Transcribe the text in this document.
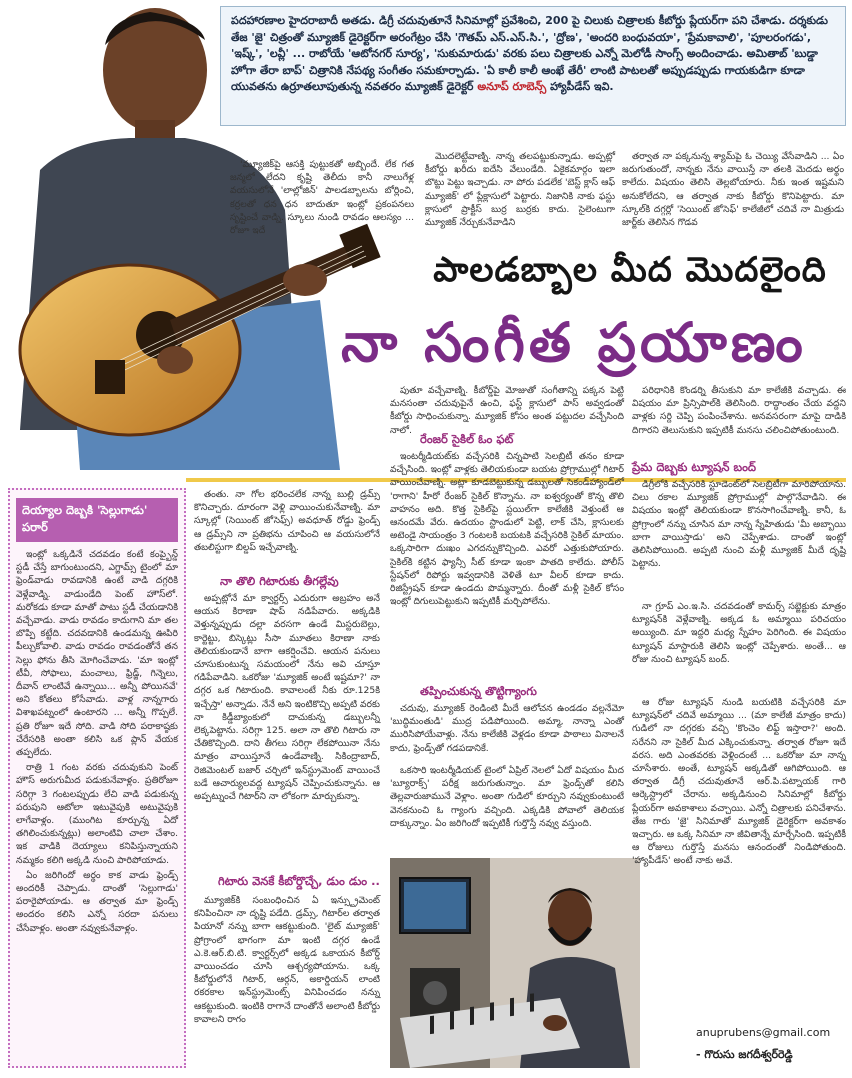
పదహారణాల హైదరాబాదీ అతడు. డిగ్రీ చదువుతూనే సినిమాల్లో ప్రవేశించి, 200 పై చిలుకు చిత్రాలకు కీబోర్డు ప్లేయర్‌గా పని చేశాడు. దర్శకుడు తేజ 'జై' చిత్రంతో మ్యూజిక్ డైరెక్టర్‌గా అరంగేట్రం చేసి 'గౌతమ్ ఎస్.ఎస్.సి.', 'ద్రోణ', 'అందరి బంధువయా', 'ప్రేమకావాలి', 'పూలరంగడు', 'ఇష్క్', 'లవ్లీ' ... రాబోయే 'ఆటోనగర్ సూర్య', 'సుకుమారుడు' వరకు పలు చిత్రాలకు ఎన్నో మెలోడీ సాంగ్స్ అందించాడు. అమితాబ్ 'బుడ్డా హోగా తేరా బాప్' చిత్రానికి నేపథ్య సంగీతం సమకూర్చాడు. 'ఏ కాలీ కాలీ ఆంఖే తేరీ' లాంటి పాటలతో అప్పుడప్పుడు గాయకుడిగా కూడా యువతను ఉర్రూతలూపుతున్న నవతరం మ్యూజిక్ డైరెక్టర్ అనూప్ రూబెన్స్ హ్యాపీడేస్ ఇవి.

'మ్యూజిక్‌పై ఆసక్తి పుట్టుకతో అబ్బిందే. లేక గత జన్మలో లేదని కృష్టి తెలీదు కానీ నాలుగేళ్ల వయసులోనే 'లాల్లోజిన్' పాలడబ్బాలను బోర్లించి, కర్రలతో ధన ధన బాదుతూ ఇంట్లో ప్రకంపనలు సృష్టించే వాడ్ని. స్కూలు నుండి రావడం ఆలస్యం ... రోజూ ఇదే

మొదలెట్టేవాణ్ని. నాన్న తలపట్టుకున్నాడు. అప్పట్లో కీబోర్డు ఖరీదు ఐదేసి వేలుండేది. ఏకైకమార్గం ఇలా బొట్టు పెట్టు ఇచ్చాడు. నా పోరు పడలేక 'బెస్ట్ క్లాస్ ఆఫ్ మ్యూజిక్' లో ప్లేక్లాసులో పెట్టారు. నిజానికి నాకు ఫస్టు క్లాసులో ప్రాక్టీస్ బుర్ర బుర్రకు కాదు. సైలెంటుగా మ్యూజిక్ నేర్చుకునేవాడిని

తర్వాత నా పక్కనున్న శ్యామ్‌పై ఓ చెయ్యి వేసేవాడిని ... ఏం జరుగుతుందో, నాన్నకు నేను వాయిస్తే నా తలకి మెదడు అర్థం కాలేదు. విషయం తెలిసి తెల్లబోయారు. నీకు ఇంత ఇష్టమని అనుకోలేదని, ఆ తర్వాత నాకు కీబోర్డు కొనిపెట్టారు. మా స్కూల్‌కి దగ్గర్లో 'సెయింట్ జోసెఫ్' కాలేజీలో చదివే నా మిత్రుడు జార్జ్‌కు తెలిసిన గొడవ

పాలడబ్బాల మీద మొదలైంది
నా సంగీత ప్రయాణం
దెయ్యాల దెబ్బకి 'సెల్లుగాడు' పరార్

ఇంట్లో ఒక్కడినే చదవడం కంటే కంప్బైన్డ్ స్టడీ చేస్తే బాగుంటుందని, ఎగ్జామ్స్ టైంలో మా ఫ్రెండ్‌వాడు రావడానికి ఉంటే వాడి దగ్గరికి వెళ్లేవాడ్ని. వాడుండేది పెంట్ హౌస్‌లో. మరోకడు కూడా మాతో పాటు స్టడీ చేయడానికి వచ్చేవాడు. వాడు రావడం కాదుగాని మా తల బొప్పి కట్టేది. చదవడానికి ఉండమన్న ఊపిరి పీల్చుకోవాలి. వాడు రావడం రావడంతోనే తన సెల్లు ఫోను తీసి మోగించేవాడు. 'మా ఇంట్లో టీవీ, సోఫాలు, మంచాలు, ఫ్రిడ్జ్, గిన్నెలు, దీవాన్ లాంటివే ఉన్నాయి... అన్నీ పోయినవే' అని కోతలు కోసేవాడు. వాళ్ల నాన్నగారు విశాఖపట్నంలో ఉంటారని ... అన్నీ గొప్పలే. ప్రతి రోజూ ఇదే సోది. వాడి సోది పరాకాష్ఠకు చేరేసరికి అంతా కలిసి ఒక ప్లాన్ వేయక తప్పలేదు.

రాత్రి 1 గంట వరకు చదువుకుని పెంట్ హౌస్ అరుగుమీద పడుకునేవాళ్లం. ప్రతిరోజూ సరిగ్గా 3 గంటలప్పుడు లేచి వాడి పడుకున్న పరుపుని ఆటోలా ఇటువైపుకి అటువైపుకి లాగేవాళ్లం. (ముంగిట కూర్చున్న ఏదో తగిలించుకున్నట్లు) అలాంటివి చాలా చేశాం. ఇక వాడికి దెయ్యాలు కనిపిస్తున్నాయని నమ్మకం కలిగి అక్కడి నుంచి పారిపోయాడు.

ఏం జరిగిందో అర్థం కాక వాడు ఫ్రెండ్స్ అందరికీ చెప్పాడు. దాంతో 'సెల్లుగాడు' పరారైపోయాడు. ఆ తర్వాత మా ఫ్రెండ్స్ అందరం కలిసి ఎన్నో సరదా పనులు చేసేవాళ్లం. అంతా నవ్వుకునేవాళ్లం.

తంతు. నా గోల భరించలేక నాన్న బుల్లి డ్రమ్స్ కొనిచ్చారు. దూరంగా వెళ్లి వాయించుకునేవాణ్ని. మా స్కూల్లో (సెయింట్ జోసెఫ్స్) అవధూత్ రోడ్డు ఫ్రెండ్స్ ఆ డ్రమ్స్‌ని నా ప్రతిభను చూపించి ఆ వయసులోనే తబలిస్టుగా బిల్డప్ ఇచ్చేవాణ్ని.

నా తొలి గిటారుకు తీగల్లేవు

అప్పట్లోనే మా క్వార్టర్స్ ఎదురుగా అబ్రహం అనే ఆయన కిరాణా షాప్ నడిపేవారు. అక్కడికి వెళ్తున్నప్పుడు దల్లా వరసగా ఉండే మిస్టరుబెల్లు, కార్టెట్టు, బిస్కెట్లు సీసా మూతలు కిరాణా నాకు తెలియకుండానే బాగా ఆకర్షించేవి. ఆయన పనులు చూసుకుంటున్న సమయంలో నేను అవి చూస్తూ గడిపేవాడిని. ఒకరోజు 'మ్యూజిక్ అంటే ఇష్టమా?' నా దగ్గర ఒక గిటారుంది. కావాలంటే నీకు రూ.125కి ఇచ్చేస్తా' అన్నాడు. నేనే అని ఇంటికొచ్చి అప్పటి వరకు నా కిడ్డీబ్యాంకులో దాచుకున్న డబ్బులన్నీ లెక్కపెట్టాను. సరిగ్గా 125. అలా నా తొలి గిటారు నా చేతికొచ్చింది. దాని తీగలు సరిగ్గా లేకపోయినా నేను మాత్రం వాయిస్తూనే ఉండేవాణ్ని. సికింద్రాబాద్, రెజిమెంటల్ బజార్ చర్చిలో ఇన్‌స్ట్రుమెంట్ వాయించే బడే ఆచార్యులవద్ద ట్యూషన్ చెప్పించుకున్నాను. ఆ అప్పట్నుంచే గిటార్‌ని నా లోకంగా మార్చుకున్నా.

గిటారు వెనకే కీబోర్డొచ్చే, డుం డుం ..

మ్యూజిక్‌కి సంబంధించిన ఏ ఇన్స్ట్రుమెంట్ కనిపించినా నా దృష్టి పడేది. డ్రమ్స్, గిటార్‌ల తర్వాత పియానో నన్ను బాగా ఆకట్టుకుంది. 'లైట్ మ్యూజిక్' ప్రోగ్రాంలో భాగంగా మా ఇంటి దగ్గర ఉండే ఎ.కె.ఆర్.బి.టి. క్వార్టర్స్‌లో అక్కడ ఒకాయన కీబోర్డ్ వాయించడం చూసి ఆశ్చర్యపోయాను. ఒక్క కీబోర్డులోనే గిటార్, ఆర్గన్, అకార్డియన్ లాంటి రకరకాల ఇన్‌స్ట్రుమెంట్స్ వినిపించడం నన్ను ఆకట్టుకుంది. ఇంటికి రాగానే దాంతోనే అలాంటి కీబోర్డు కావాలని రాగం

పుతూ వచ్చేవాణ్ని. కీబోర్డ్‌పై మోజుతో సంగీతాన్ని పక్కన పెట్టి మనసంతా చదువుపైనే ఉంచి, ఫస్ట్ క్లాసులో పాస్ అవ్వడంతో కీబోర్డు సాధించుకున్నా. మ్యూజిక్ కోసం అంత పట్టుదల వచ్చేసింది నాలో.

రేంజర్ సైకిల్ ఓం ఫట్

ఇంటర్మీడియట్‌కు వచ్చేసరికి చిన్నపాటి సెలబ్రిటీ తనం కూడా వచ్చేసింది. ఇంట్లో వాళ్లకు తెలియకుండా బయట ప్రోగ్రాముల్లో గిటార్ వాయించేవాణ్ని. అట్లా కూడబెట్టుకున్న డబ్బులతో సెకండ్‌హ్యాండ్‌లో 'రాగాని' హీరో రేంజర్ సైకిల్ కొన్నాను. నా ఐశ్వర్యంతో కొన్న తొలి వాహనం అది. కొత్త సైకిల్‌పై స్టయిల్‌గా కాలేజీకి వెళ్తుంటే ఆ ఆనందమే వేరు. ఉదయం స్టాండులో పెట్టి, లాక్ చేసి, క్లాసులకు అటెండై సాయంత్రం 3 గంటలకి బయటకి వచ్చేసరికి సైకిల్ మాయం. ఒక్కసారిగా దుఃఖం ఎగదన్నుకొచ్చింది. ఎవరో ఎత్తుకుపోయారు. సైకిల్‌కి కట్టిన ఫ్యాన్సీ సీట్ కూడా ఇంకా పాతది కాలేదు. పోలీస్ స్టేషన్‌లో రిపోర్టు ఇవ్వడానికి వెళితే టూ వీలర్ కూడా కాదు. రిజిస్ట్రేషన్ కూడా ఉండదు పొమ్మన్నారు. దీంతో మళ్లీ సైకిల్ కోసం ఇంట్లో దిగులుపెట్టుకుని ఇప్పటికీ మర్చిపోలేను.

తప్పించుకున్న తొట్టిగ్యాంగు

చదువు, మ్యూజిక్ రెండింటి మీదే ఆలోచన ఉండడం వల్లనేమో 'బుద్ధిమంతుడి' ముద్ర పడిపోయింది. అమ్మా, నాన్నా ఎంతో మురిసిపోయేవాళ్లు. నేను కాలేజీకి వెళ్లడం కూడా పాఠాలు వినాలనే కాదు, ఫ్రెండ్స్‌తో గడపడానికే.

ఒకసారి ఇంటర్మీడియట్ టైంలో ఏప్రిల్ నెలలో ఏదో విషయం మీద 'బ్యూరాక్స్' పరీక్ష జరుగుతున్నాం. మా ఫ్రెండ్స్‌తో కలిసి తెల్లవారుజామునే వెళ్లాం. అంతా గుడిలో కూర్చుని నవ్వుకుంటుంటే వెనకనుంచి ఓ గ్యాంగు వచ్చింది. ఎక్కడికి పోవాలో తెలియక దాక్కున్నాం. ఏం జరిగిందో ఇప్పటికీ గుర్తొస్తే నవ్వు వస్తుంది.

పరిధానికి కొండర్ని తీసుకుని మా కాలేజీకి వచ్చాడు. ఈ విషయం మా ప్రిన్సిపాల్‌కి తెలిసింది. రాద్ధాంతం చేయ వద్దని వాళ్లకు సర్ది చెప్పి పంపించేశాను. అనవసరంగా మాపై దాడికి దిగారని తెలుసుకుని ఇప్పటికీ మనసు చలించిపోతుంటుంది.

ప్రేమ దెబ్బకు ట్యూషన్ బంద్

డిగ్రీలోకి వచ్చేసరికి స్టూడెంట్‌లో సెలబ్రిటీగా మారిపోయాను. చిలు రకాల మ్యూజిక్ ప్రోగ్రాముల్లో పాల్గొనేవాడిని. ఈ విషయం ఇంట్లో తెలియకుండా కొనసాగించేవాణ్ని. కానీ, ఓ ప్రోగ్రాంలో నన్ను చూసిన మా నాన్న స్నేహితుడు 'మీ అబ్బాయి బాగా వాయిస్తాడు' అని చెప్పేశాడు. దాంతో ఇంట్లో తెలిసిపోయింది. అప్పటి నుంచి మళ్లీ మ్యూజిక్ మీదే దృష్టి పెట్టాను.

నా గ్రూప్ ఎం.ఇ.సి. చదవడంతో కామర్స్ సబ్జెక్టుకు మాత్రం ట్యూషన్‌కి వెళ్లేవాణ్ని. అక్కడ ఓ అమ్మాయి పరిచయం అయ్యింది. మా ఇద్దరి మధ్య స్నేహం పెరిగింది. ఈ విషయం ట్యూషన్ మాస్టారుకి తెలిసి ఇంట్లో చెప్పేశారు. అంతే... ఆ రోజు నుంచి ట్యూషన్ బంద్.

ఆ రోజు ట్యూషన్ నుండి బయటికి వచ్చేసరికి మా ట్యూషన్‌లో చదివే అమ్మాయి ... (మా కాలేజీ మాత్రం కాదు) గుడిలో నా దగ్గరకు వచ్చి 'కొంచెం లిఫ్ట్ ఇస్తారా?' అంది. సరేనని నా సైకిల్ మీద ఎక్కించుకున్నా. తర్వాత రోజూ ఇదే వరస. అది ఎంతవరకు వెళ్లిందంటే ... ఒకరోజు మా నాన్న చూసేశారు. అంతే, ట్యూషన్ అక్కడితో ఆగిపోయింది. ఆ తర్వాత డిగ్రీ చదువుతూనే ఆర్.పి.పట్నాయక్ గారి ఆర్కెస్ట్రాలో చేరాను. అక్కడినుంచి సినిమాల్లో కీబోర్డు ప్లేయర్‌గా అవకాశాలు వచ్చాయి. ఎన్నో చిత్రాలకు పనిచేశాను. తేజ గారు 'జై' సినిమాతో మ్యూజిక్ డైరెక్టర్‌గా అవకాశం ఇచ్చారు. ఆ ఒక్క సినిమా నా జీవితాన్నే మార్చేసింది. ఇప్పటికీ ఆ రోజులు గుర్తొస్తే మనసు ఆనందంతో నిండిపోతుంది. 'హ్యాపీడేస్' అంటే నాకు అవే.

anuprubens@gmail.com
- గొరుసు జగదీశ్వర్‌రెడ్డి
